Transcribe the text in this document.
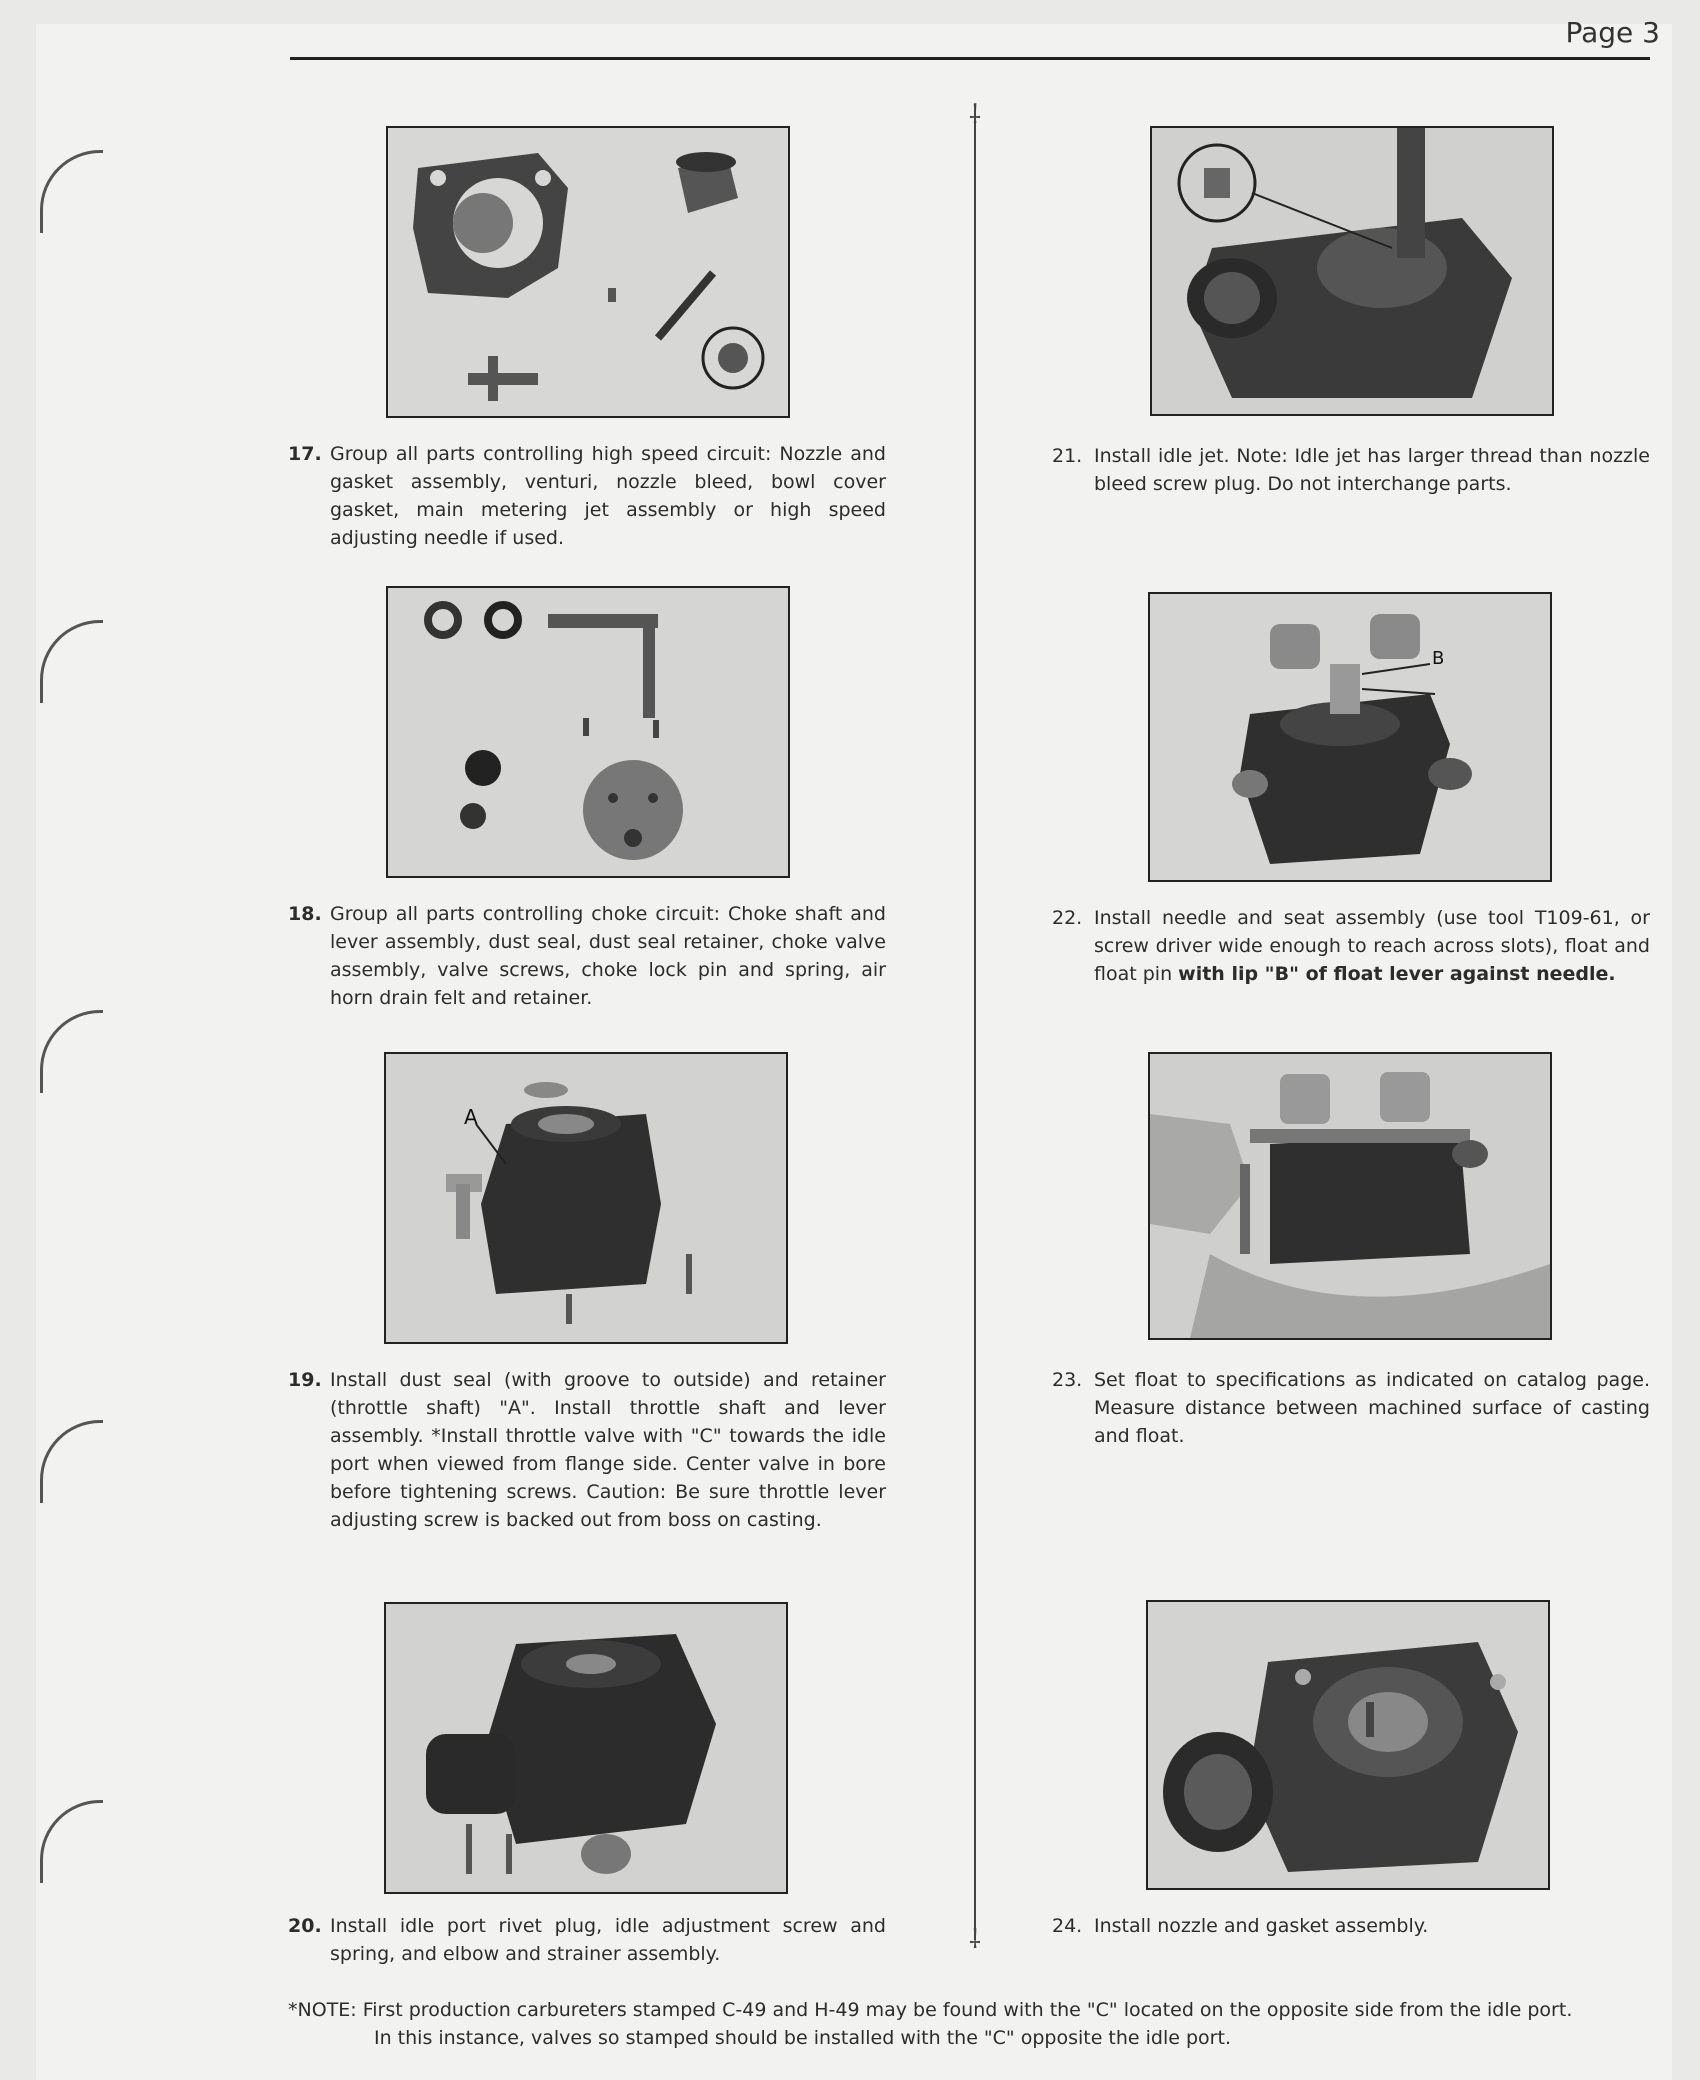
Page 3
⸸
⸸
17. Group all parts controlling high speed circuit: Nozzle and gasket assembly, venturi, nozzle bleed, bowl cover gasket, main metering jet assembly or high speed adjusting needle if used.
18. Group all parts controlling choke circuit: Choke shaft and lever assembly, dust seal, dust seal retainer, choke valve assembly, valve screws, choke lock pin and spring, air horn drain felt and retainer.
A
19. Install dust seal (with groove to outside) and retainer (throttle shaft) "A". Install throttle shaft and lever assembly. *Install throttle valve with "C" towards the idle port when viewed from flange side. Center valve in bore before tightening screws. Caution: Be sure throttle lever adjusting screw is backed out from boss on casting.
20. Install idle port rivet plug, idle adjustment screw and spring, and elbow and strainer assembly.
21. Install idle jet. Note: Idle jet has larger thread than nozzle bleed screw plug. Do not interchange parts.
B
22. Install needle and seat assembly (use tool T109-61, or screw driver wide enough to reach across slots), float and float pin with lip "B" of float lever against needle.
23. Set float to specifications as indicated on catalog page. Measure distance between machined surface of casting and float.
24. Install nozzle and gasket assembly.
*NOTE: First production carbureters stamped C-49 and H-49 may be found with the "C" located on the opposite side from the idle port.
In this instance, valves so stamped should be installed with the "C" opposite the idle port.
